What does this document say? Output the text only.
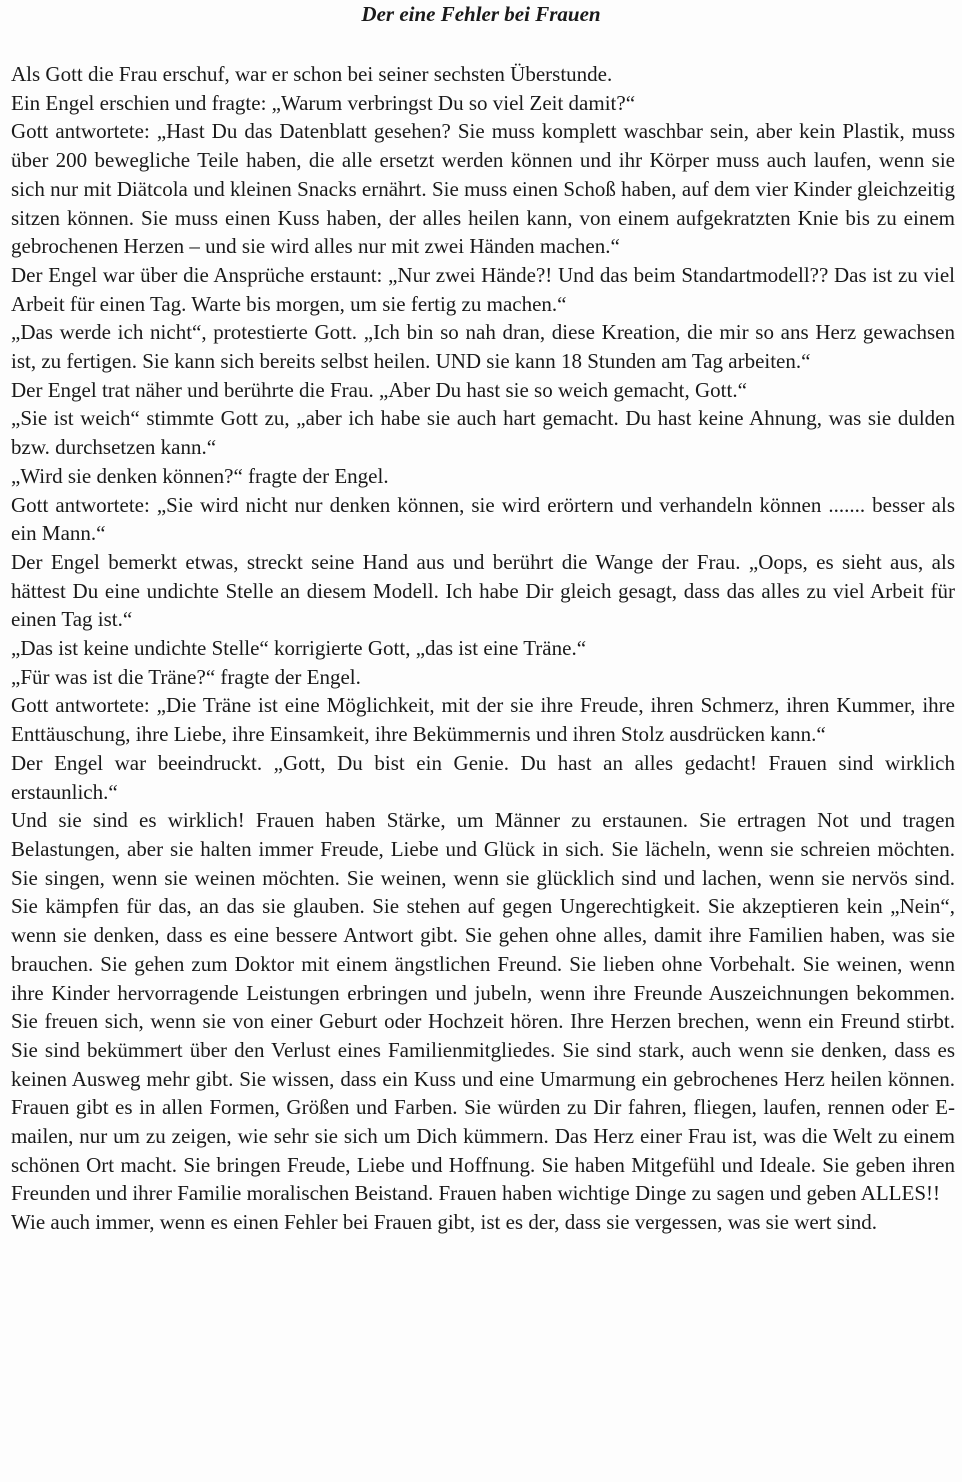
Der eine Fehler bei Frauen

Als Gott die Frau erschuf, war er schon bei seiner sechsten Überstunde.

Ein Engel erschien und fragte: „Warum verbringst Du so viel Zeit damit?“

Gott antwortete: „Hast Du das Datenblatt gesehen? Sie muss komplett waschbar sein, aber kein Plastik, muss über 200 bewegliche Teile haben, die alle ersetzt werden können und ihr Körper muss auch laufen, wenn sie sich nur mit Diätcola und kleinen Snacks ernährt. Sie muss einen Schoß haben, auf dem vier Kinder gleichzeitig sitzen können. Sie muss einen Kuss haben, der alles heilen kann, von einem aufgekratzten Knie bis zu einem gebrochenen Herzen – und sie wird alles nur mit zwei Händen machen.“

Der Engel war über die Ansprüche erstaunt: „Nur zwei Hände?! Und das beim Standartmodell?? Das ist zu viel Arbeit für einen Tag. Warte bis morgen, um sie fertig zu machen.“

„Das werde ich nicht“, protestierte Gott. „Ich bin so nah dran, diese Kreation, die mir so ans Herz gewachsen ist, zu fertigen. Sie kann sich bereits selbst heilen. UND sie kann 18 Stunden am Tag arbeiten.“

Der Engel trat näher und berührte die Frau. „Aber Du hast sie so weich gemacht, Gott.“

„Sie ist weich“ stimmte Gott zu, „aber ich habe sie auch hart gemacht. Du hast keine Ahnung, was sie dulden bzw. durchsetzen kann.“

„Wird sie denken können?“ fragte der Engel.

Gott antwortete: „Sie wird nicht nur denken können, sie wird erörtern und verhandeln können ....... besser als ein Mann.“

Der Engel bemerkt etwas, streckt seine Hand aus und berührt die Wange der Frau. „Oops, es sieht aus, als hättest Du eine undichte Stelle an diesem Modell. Ich habe Dir gleich gesagt, dass das alles zu viel Arbeit für einen Tag ist.“

„Das ist keine undichte Stelle“ korrigierte Gott, „das ist eine Träne.“

„Für was ist die Träne?“ fragte der Engel.

Gott antwortete: „Die Träne ist eine Möglichkeit, mit der sie ihre Freude, ihren Schmerz, ihren Kummer, ihre Enttäuschung, ihre Liebe, ihre Einsamkeit, ihre Bekümmernis und ihren Stolz ausdrücken kann.“

Der Engel war beeindruckt. „Gott, Du bist ein Genie. Du hast an alles gedacht! Frauen sind wirklich erstaunlich.“

Und sie sind es wirklich! Frauen haben Stärke, um Männer zu erstaunen. Sie ertragen Not und tragen Belastungen, aber sie halten immer Freude, Liebe und Glück in sich. Sie lächeln, wenn sie schreien möchten. Sie singen, wenn sie weinen möchten. Sie weinen, wenn sie glücklich sind und lachen, wenn sie nervös sind. Sie kämpfen für das, an das sie glauben. Sie stehen auf gegen Ungerechtigkeit. Sie akzeptieren kein „Nein“, wenn sie denken, dass es eine bessere Antwort gibt. Sie gehen ohne alles, damit ihre Familien haben, was sie brauchen. Sie gehen zum Doktor mit einem ängstlichen Freund. Sie lieben ohne Vorbehalt. Sie weinen, wenn ihre Kinder hervorragende Leistungen erbringen und jubeln, wenn ihre Freunde Auszeichnungen bekommen. Sie freuen sich, wenn sie von einer Geburt oder Hochzeit hören. Ihre Herzen brechen, wenn ein Freund stirbt. Sie sind bekümmert über den Verlust eines Familienmitgliedes. Sie sind stark, auch wenn sie denken, dass es keinen Ausweg mehr gibt. Sie wissen, dass ein Kuss und eine Umarmung ein gebrochenes Herz heilen können. Frauen gibt es in allen Formen, Größen und Farben. Sie würden zu Dir fahren, fliegen, laufen, rennen oder E-mailen, nur um zu zeigen, wie sehr sie sich um Dich kümmern. Das Herz einer Frau ist, was die Welt zu einem schönen Ort macht. Sie bringen Freude, Liebe und Hoffnung. Sie haben Mitgefühl und Ideale. Sie geben ihren Freunden und ihrer Familie moralischen Beistand. Frauen haben wichtige Dinge zu sagen und geben ALLES!!

Wie auch immer, wenn es einen Fehler bei Frauen gibt, ist es der, dass sie vergessen, was sie wert sind.
